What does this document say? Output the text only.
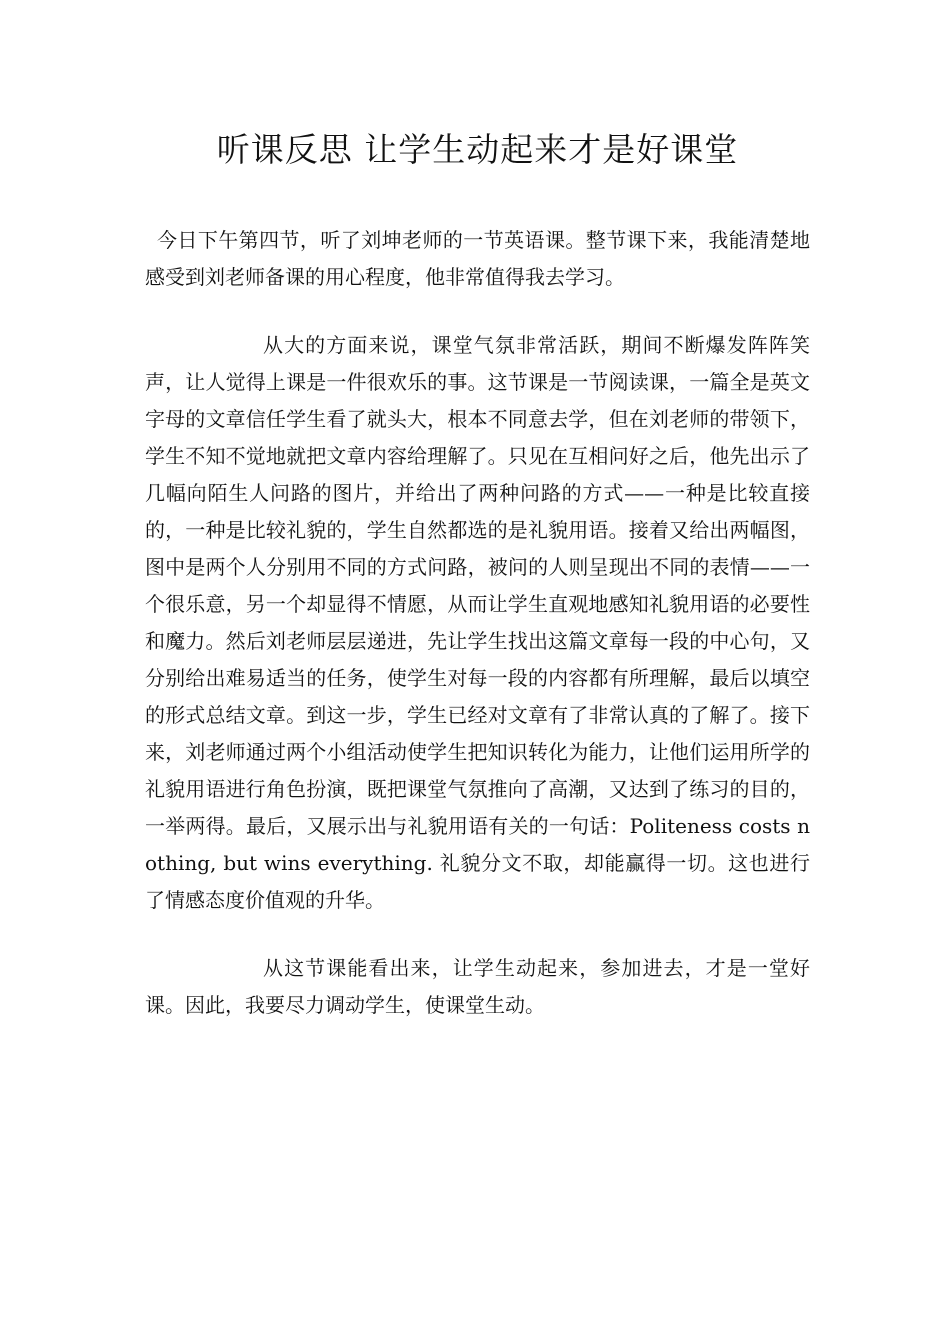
听课反思 让学生动起来才是好课堂

今日下午第四节，听了刘坤老师的一节英语课。整节课下来，我能清楚地感受到刘老师备课的用心程度，他非常值得我去学习。

从大的方面来说，课堂气氛非常活跃，期间不断爆发阵阵笑声，让人觉得上课是一件很欢乐的事。这节课是一节阅读课，一篇全是英文字母的文章信任学生看了就头大，根本不同意去学，但在刘老师的带领下，学生不知不觉地就把文章内容给理解了。只见在互相问好之后，他先出示了几幅向陌生人问路的图片，并给出了两种问路的方式——一种是比较直接的，一种是比较礼貌的，学生自然都选的是礼貌用语。接着又给出两幅图，图中是两个人分别用不同的方式问路，被问的人则呈现出不同的表情——一个很乐意，另一个却显得不情愿，从而让学生直观地感知礼貌用语的必要性和魔力。然后刘老师层层递进，先让学生找出这篇文章每一段的中心句，又分别给出难易适当的任务，使学生对每一段的内容都有所理解，最后以填空的形式总结文章。到这一步，学生已经对文章有了非常认真的了解了。接下来，刘老师通过两个小组活动使学生把知识转化为能力，让他们运用所学的礼貌用语进行角色扮演，既把课堂气氛推向了高潮，又达到了练习的目的，一举两得。最后，又展示出与礼貌用语有关的一句话：Politeness costs nothing, but wins everything. 礼貌分文不取，却能赢得一切。这也进行了情感态度价值观的升华。

从这节课能看出来，让学生动起来，参加进去，才是一堂好课。因此，我要尽力调动学生，使课堂生动。
